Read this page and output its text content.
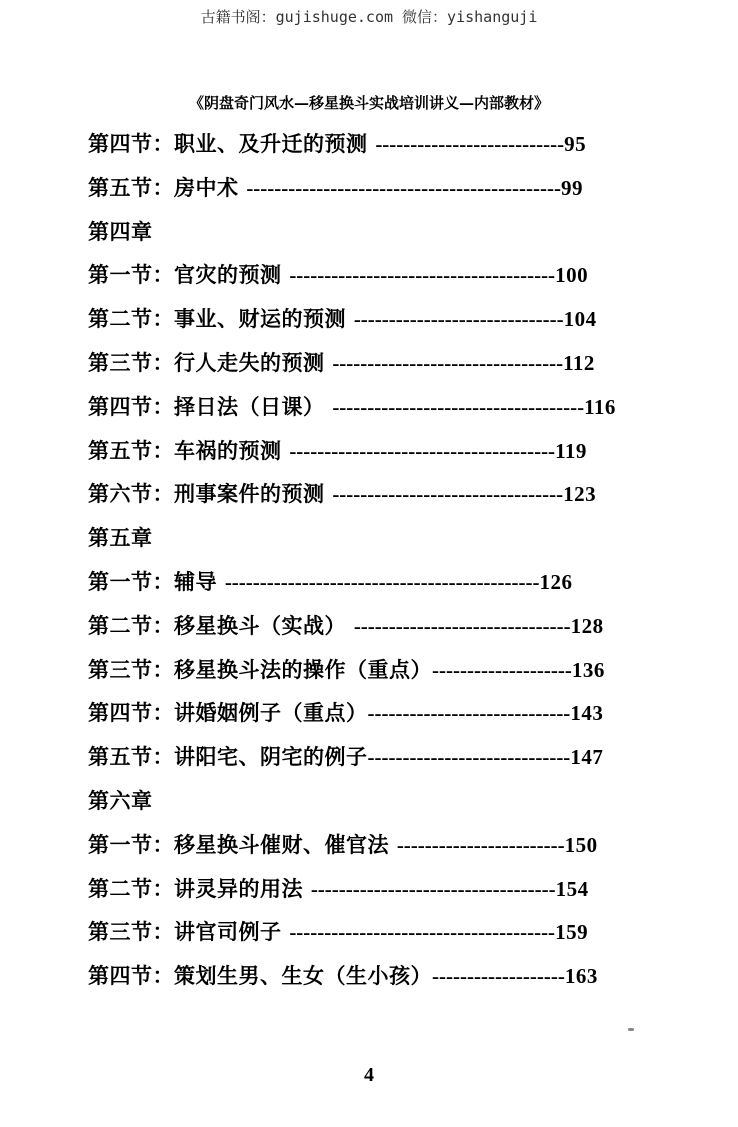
古籍书阁：gujishuge.com 微信：yishanguji
《阴盘奇门风水—移星换斗实战培训讲义—内部教材》
第四节：职业、及升迁的预测 ---------------------------95
第五节：房中术 ---------------------------------------------99
第四章
第一节：官灾的预测 --------------------------------------100
第二节：事业、财运的预测 ------------------------------104
第三节：行人走失的预测 ---------------------------------112
第四节：择日法（日课） ------------------------------------116
第五节：车祸的预测 --------------------------------------119
第六节：刑事案件的预测 ---------------------------------123
第五章
第一节：辅导 ---------------------------------------------126
第二节：移星换斗（实战） -------------------------------128
第三节：移星换斗法的操作（重点）--------------------136
第四节：讲婚姻例子（重点）-----------------------------143
第五节：讲阳宅、阴宅的例子-----------------------------147
第六章
第一节：移星换斗催财、催官法 ------------------------150
第二节：讲灵异的用法 -----------------------------------154
第三节：讲官司例子 --------------------------------------159
第四节：策划生男、生女（生小孩）-------------------163
4
